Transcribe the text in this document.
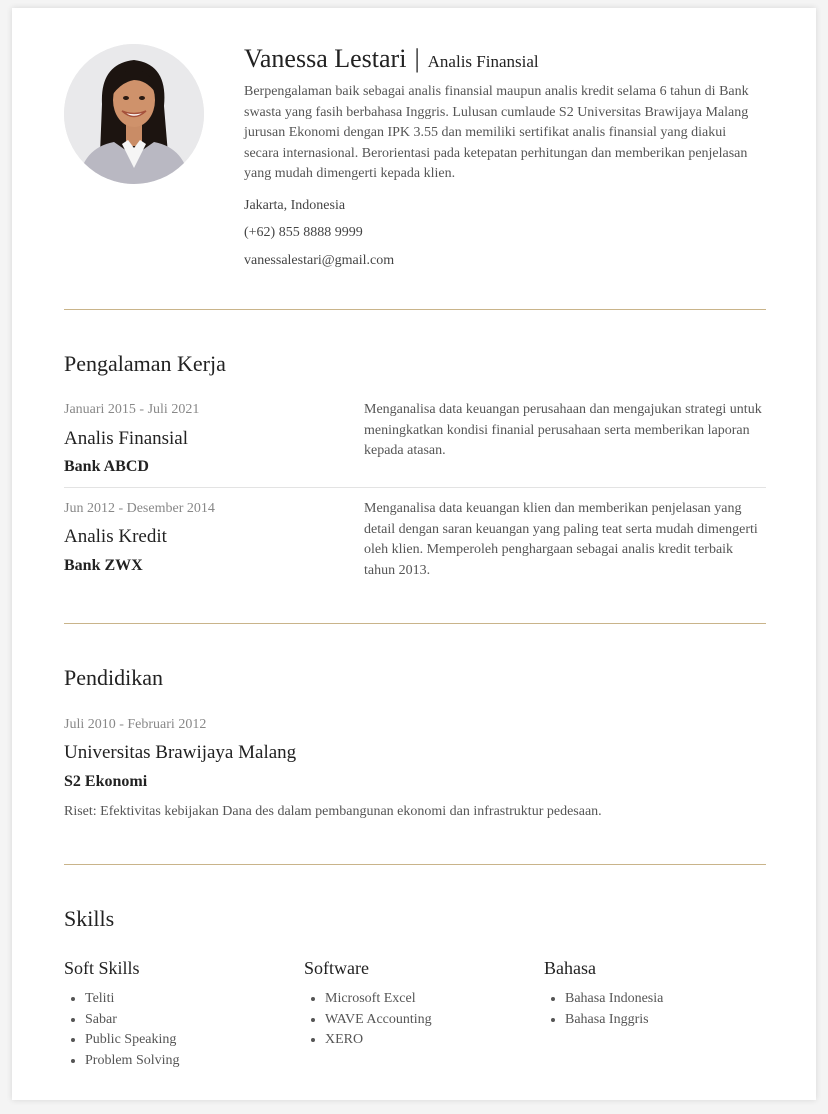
Vanessa Lestari | Analis Finansial
Berpengalaman baik sebagai analis finansial maupun analis kredit selama 6 tahun di Bank swasta yang fasih berbahasa Inggris. Lulusan cumlaude S2 Universitas Brawijaya Malang jurusan Ekonomi dengan IPK 3.55 dan memiliki sertifikat analis finansial yang diakui secara internasional. Berorientasi pada ketepatan perhitungan dan memberikan penjelasan yang mudah dimengerti kepada klien.
Jakarta, Indonesia
(+62) 855 8888 9999
vanessalestari@gmail.com
Pengalaman Kerja
Januari 2015 - Juli 2021
Analis Finansial
Bank ABCD
Menganalisa data keuangan perusahaan dan mengajukan strategi untuk meningkatkan kondisi finanial perusahaan serta memberikan laporan kepada atasan.
Jun 2012 - Desember 2014
Analis Kredit
Bank ZWX
Menganalisa data keuangan klien dan memberikan penjelasan yang detail dengan saran keuangan yang paling teat serta mudah dimengerti oleh klien. Memperoleh penghargaan sebagai analis kredit terbaik tahun 2013.
Pendidikan
Juli 2010 - Februari 2012
Universitas Brawijaya Malang
S2 Ekonomi
Riset: Efektivitas kebijakan Dana des dalam pembangunan ekonomi dan infrastruktur pedesaan.
Skills
Soft Skills
• Teliti
• Sabar
• Public Speaking
• Problem Solving
Software
• Microsoft Excel
• WAVE Accounting
• XERO
Bahasa
• Bahasa Indonesia
• Bahasa Inggris
